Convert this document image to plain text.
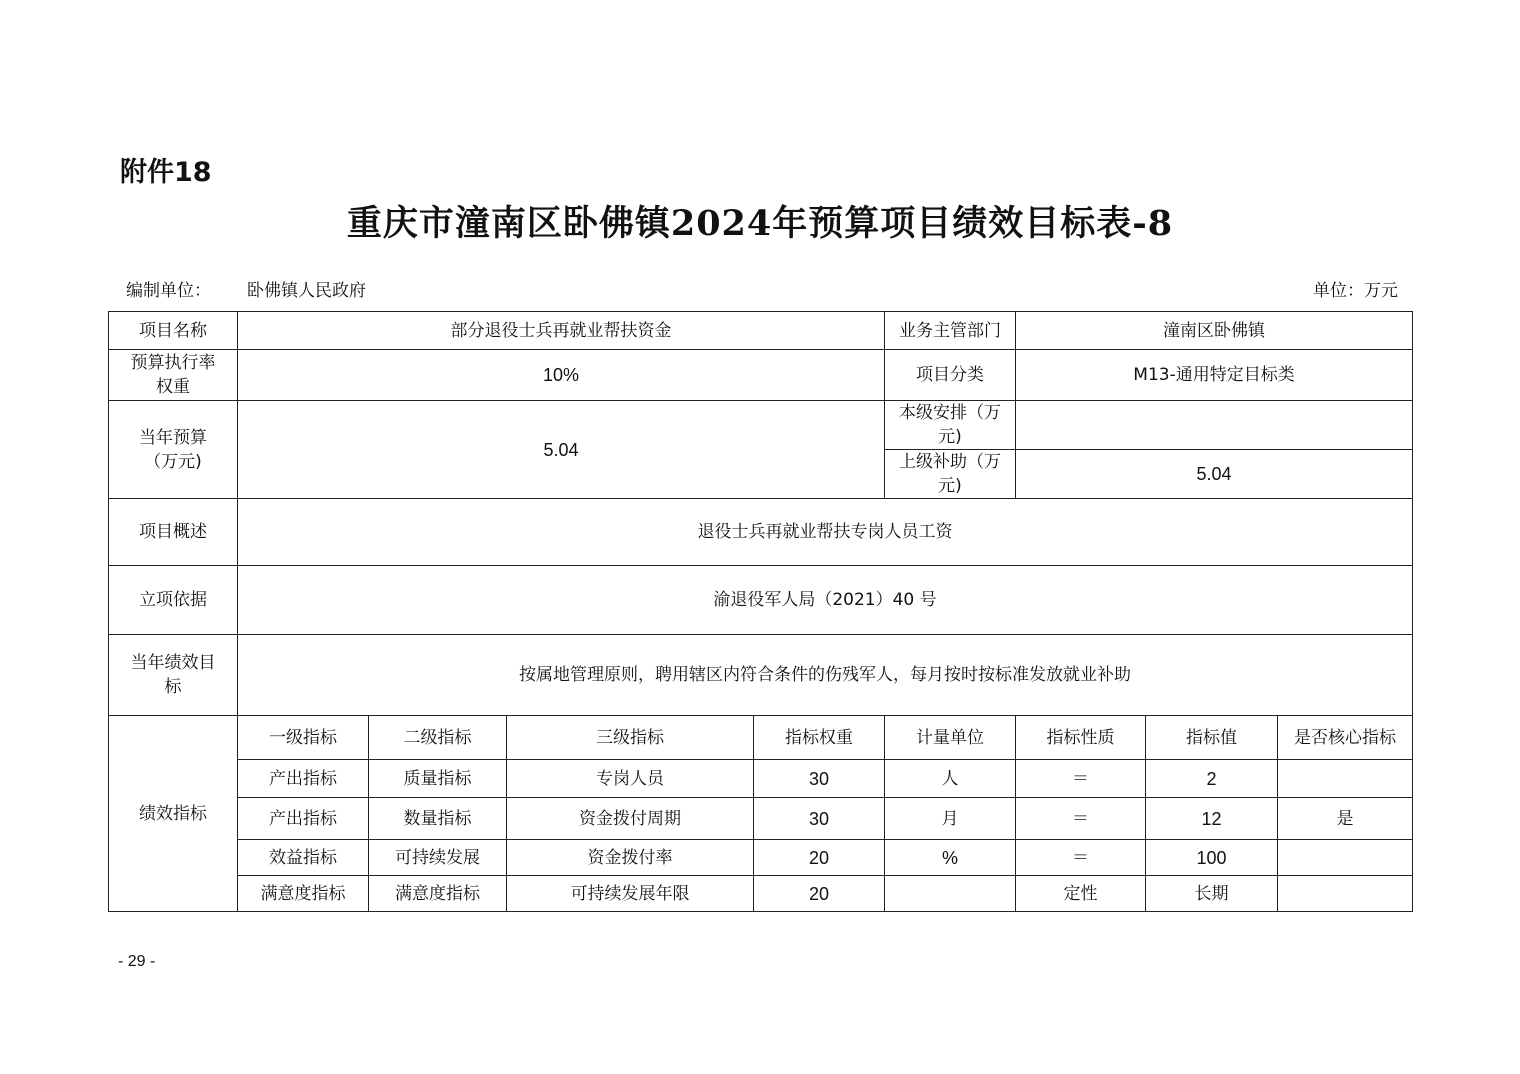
附件18
重庆市潼南区卧佛镇2024年预算项目绩效目标表-8
编制单位： 卧佛镇人民政府	单位：万元
项目名称	部分退役士兵再就业帮扶资金				业务主管部门	潼南区卧佛镇		
预算执行率权重	10%				项目分类	M13-通用特定目标类		
当年预算（万元)	5.04				本级安排（万元)			
					上级补助（万元)	5.04		
项目概述	退役士兵再就业帮扶专岗人员工资							
立项依据	渝退役军人局（2021）40 号							
当年绩效目标	按属地管理原则，聘用辖区内符合条件的伤残军人，每月按时按标准发放就业补助							
绩效指标	一级指标	二级指标	三级指标	指标权重	计量单位	指标性质	指标值	是否核心指标
	产出指标	质量指标	专岗人员	30	人	＝	2	
	产出指标	数量指标	资金拨付周期	30	月	＝	12	是
	效益指标	可持续发展	资金拨付率	20	%	＝	100	
	满意度指标	满意度指标	可持续发展年限	20		定性	长期	
- 29 -
